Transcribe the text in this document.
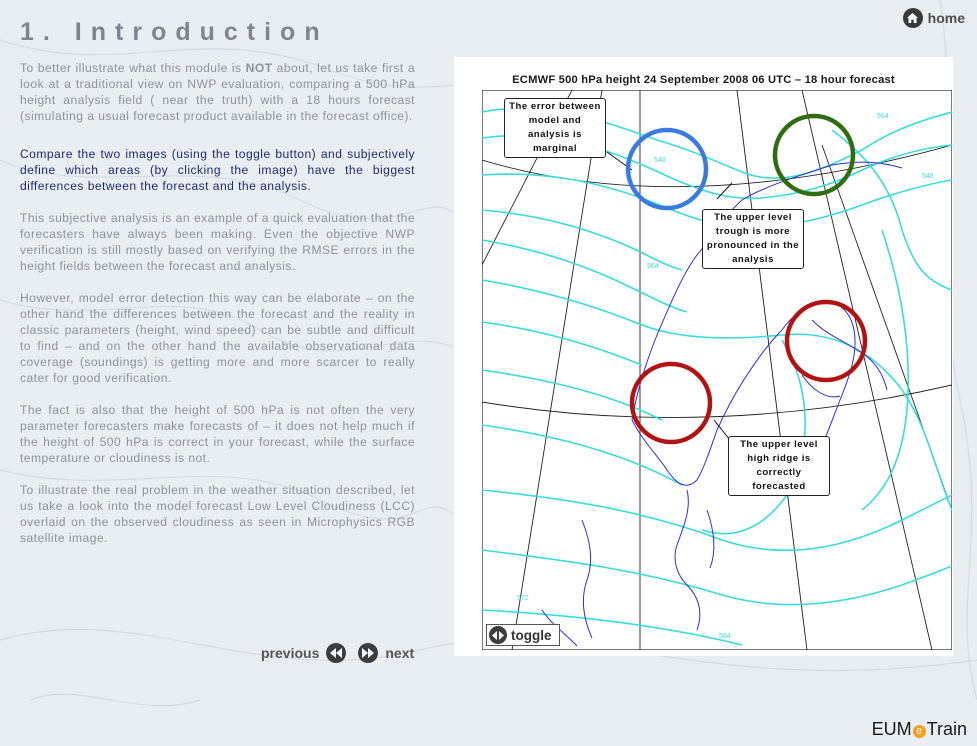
1. Introduction	home

To better illustrate what this module is NOT about, let us take first a look at a traditional view on NWP evaluation, comparing a 500 hPa height analysis field ( near the truth) with a 18 hours forecast (simulating a usual forecast product available in the forecast office).

Compare the two images (using the toggle button) and subjectively define which areas (by clicking the image) have the biggest differences between the forecast and the analysis.

This subjective analysis is an example of a quick evaluation that the forecasters have always been making. Even the objective NWP verification is still mostly based on verifying the RMSE errors in the height fields between the forecast and analysis.

However, model error detection this way can be elaborate – on the other hand the differences between the forecast and the reality in classic parameters (height, wind speed) can be subtle and difficult to find – and on the other hand the available observational data coverage (soundings) is getting more and more scarcer to really cater for good verification.

The fact is also that the height of 500 hPa is not often the very parameter forecasters make forecasts of – it does not help much if the height of 500 hPa is correct in your forecast, while the surface temperature or cloudiness is not.

To illustrate the real problem in the weather situation described, let us take a look into the model forecast Low Level Cloudiness (LCC) overlaid on the observed cloudiness as seen in Microphysics RGB satellite image.

previous	next
ECMWF 500 hPa height 24 September 2008 06 UTC – 18 hour forecast
540
548
564
572
584
564
The error between model and analysis is marginal
The upper level trough is more pronounced in the analysis
The upper level high ridge is correctly forecasted
toggle
EUM e Train
